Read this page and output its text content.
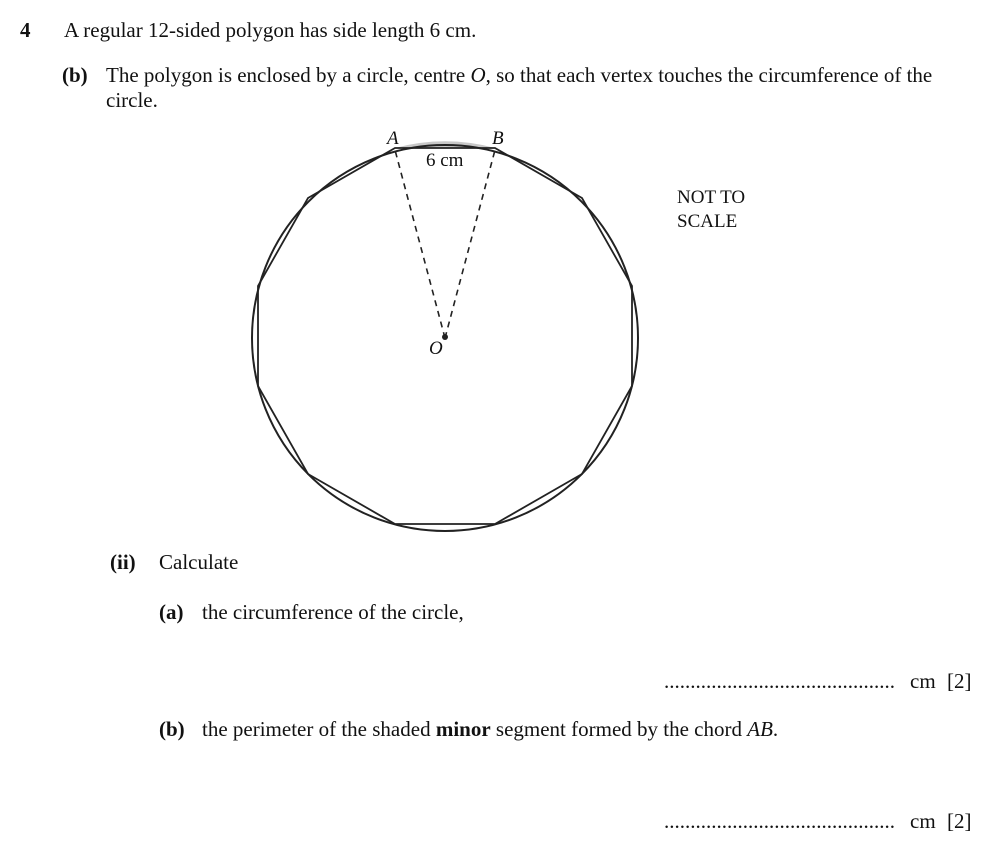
4 A regular 12-sided polygon has side length 6 cm.
(b) The polygon is enclosed by a circle, centre O, so that each vertex touches the circumference of the
circle.
A	B
6 cm
O
NOT TO
SCALE
(ii) Calculate
(a) the circumference of the circle,
............................................ cm [2]
(b) the perimeter of the shaded minor segment formed by the chord AB.
............................................ cm [2]
